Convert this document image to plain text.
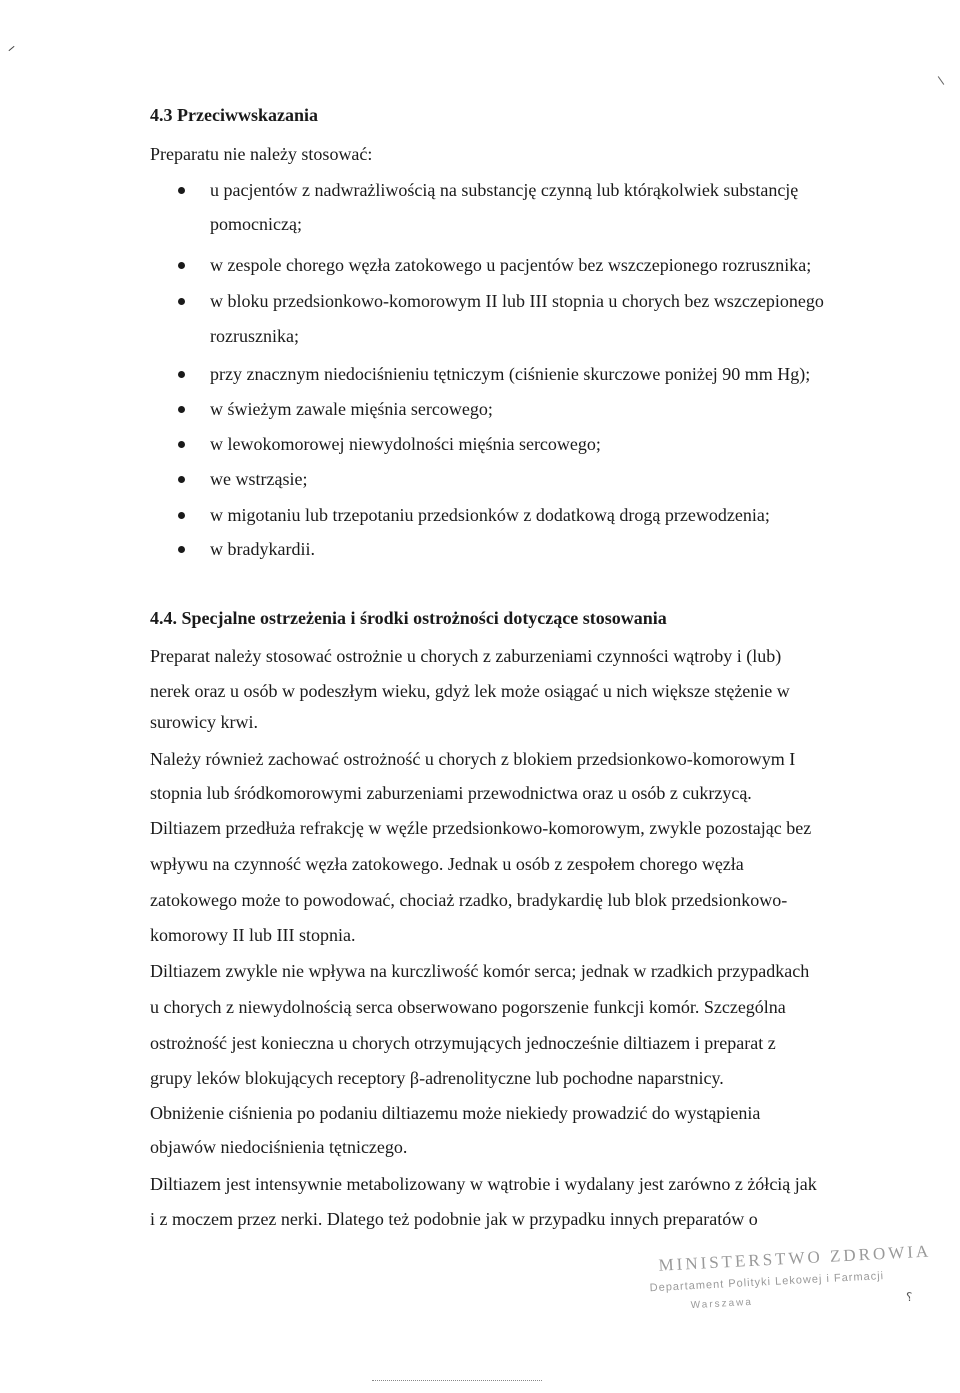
4.3 Przeciwwskazania

Preparatu nie należy stosować:

u pacjentów z nadwrażliwością na substancję czynną lub którąkolwiek substancję

pomocniczą;

w zespole chorego węzła zatokowego u pacjentów bez wszczepionego rozrusznika;

w bloku przedsionkowo-komorowym II lub III stopnia u chorych bez wszczepionego

rozrusznika;

przy znacznym niedociśnieniu tętniczym (ciśnienie skurczowe poniżej 90 mm Hg);

w świeżym zawale mięśnia sercowego;

w lewokomorowej niewydolności mięśnia sercowego;

we wstrząsie;

w migotaniu lub trzepotaniu przedsionków z dodatkową drogą przewodzenia;

w bradykardii.

4.4. Specjalne ostrzeżenia i środki ostrożności dotyczące stosowania

Preparat należy stosować ostrożnie u chorych z zaburzeniami czynności wątroby i (lub)

nerek oraz u osób w podeszłym wieku, gdyż lek może osiągać u nich większe stężenie w

surowicy krwi.

Należy również zachować ostrożność u chorych z blokiem przedsionkowo-komorowym I

stopnia lub śródkomorowymi zaburzeniami przewodnictwa oraz u osób z cukrzycą.

Diltiazem przedłuża refrakcję w węźle przedsionkowo-komorowym, zwykle pozostając bez

wpływu na czynność węzła zatokowego. Jednak u osób z zespołem chorego węzła

zatokowego może to powodować, chociaż rzadko, bradykardię lub blok przedsionkowo-

komorowy II lub III stopnia.

Diltiazem zwykle nie wpływa na kurczliwość komór serca; jednak w rzadkich przypadkach

u chorych z niewydolnością serca obserwowano pogorszenie funkcji komór. Szczególna

ostrożność jest konieczna u chorych otrzymujących jednocześnie diltiazem i preparat z

grupy leków blokujących receptory β-adrenolityczne lub pochodne naparstnicy.

Obniżenie ciśnienia po podaniu diltiazemu może niekiedy prowadzić do wystąpienia

objawów niedociśnienia tętniczego.

Diltiazem jest intensywnie metabolizowany w wątrobie i wydalany jest zarówno z żółcią jak

i z moczem przez nerki. Dlatego też podobnie jak w przypadku innych preparatów o

MINISTERSTWO ZDROWIA
Departament Polityki Lekowej i Farmacji
Warszawa	⸮
